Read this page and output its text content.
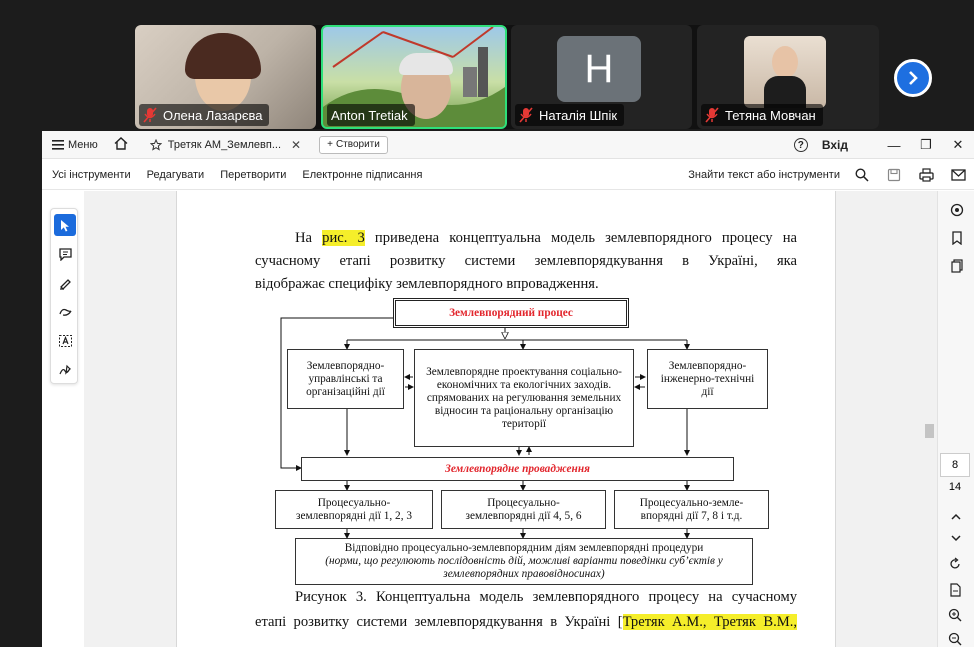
Олена Лазарєва	Anton Tretiak
Н
Наталія Шпік	Тетяна Мовчан
Меню	Третяк АМ_Землевп... ✕	+ Створити	?	Вхід	—	❐	✕
Усі інструменти Редагувати Перетворити Електронне підписання	Знайти текст або інструменти
На рис. 3 приведена концептуальна модель землевпорядного процесу на
сучасному етапі розвитку системи землевпорядкування в Україні, яка
відображає специфіку землевпорядного впровадження.
Землевпорядний процес
Землевпорядно-управлінські та організаційні дії
Землевпорядне проектування соціально-економічних та екологічних заходів. спрямованих на регулювання земельних відносин та раціональну організацію території
Землевпорядно-інженерно-технічні дії
Землевпорядне провадження
Процесуально-землевпорядні дії 1, 2, 3
Процесуально-землевпорядні дії 4, 5, 6
Процесуально-земле-впорядні дії 7, 8 і т.д.
Відповідно процесуально-землевпорядним діям землевпорядні процедури
(норми, що регулюють послідовність дій, можливі варіанти поведінки суб’єктів у землевпорядних правовідносинах)
Рисунок 3. Концептуальна модель землевпорядного процесу на сучасному
етапі розвитку системи землевпорядкування в Україні [Третяк А.М., Третяк В.М.,
8
14
